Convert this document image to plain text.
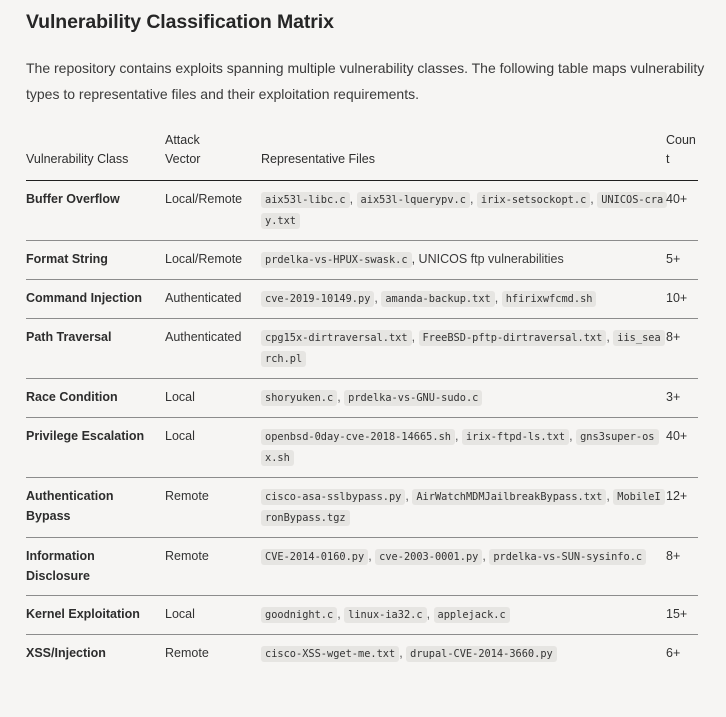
Vulnerability Classification Matrix

The repository contains exploits spanning multiple vulnerability classes. The following table maps vulnerability types to representative files and their exploitation requirements.

Vulnerability Class	Attack Vector	Representative Files	Count
Buffer Overflow	Local/Remote	aix53l-libc.c , aix53l-lquerypv.c , irix-setsockopt.c , UNICOS-cray.txt	40+
Format String	Local/Remote	prdelka-vs-HPUX-swask.c , UNICOS ftp vulnerabilities	5+
Command Injection	Authenticated	cve-2019-10149.py , amanda-backup.txt , hfirixwfcmd.sh	10+
Path Traversal	Authenticated	cpg15x-dirtraversal.txt , FreeBSD-pftp-dirtraversal.txt , iis_search.pl	8+
Race Condition	Local	shoryuken.c , prdelka-vs-GNU-sudo.c	3+
Privilege Escalation	Local	openbsd-0day-cve-2018-14665.sh , irix-ftpd-ls.txt , gns3super-osx.sh	40+
Authentication Bypass	Remote	cisco-asa-sslbypass.py , AirWatchMDMJailbreakBypass.txt , MobileIronBypass.tgz	12+
Information Disclosure	Remote	CVE-2014-0160.py , cve-2003-0001.py , prdelka-vs-SUN-sysinfo.c	8+
Kernel Exploitation	Local	goodnight.c , linux-ia32.c , applejack.c	15+
XSS/Injection	Remote	cisco-XSS-wget-me.txt , drupal-CVE-2014-3660.py	6+
